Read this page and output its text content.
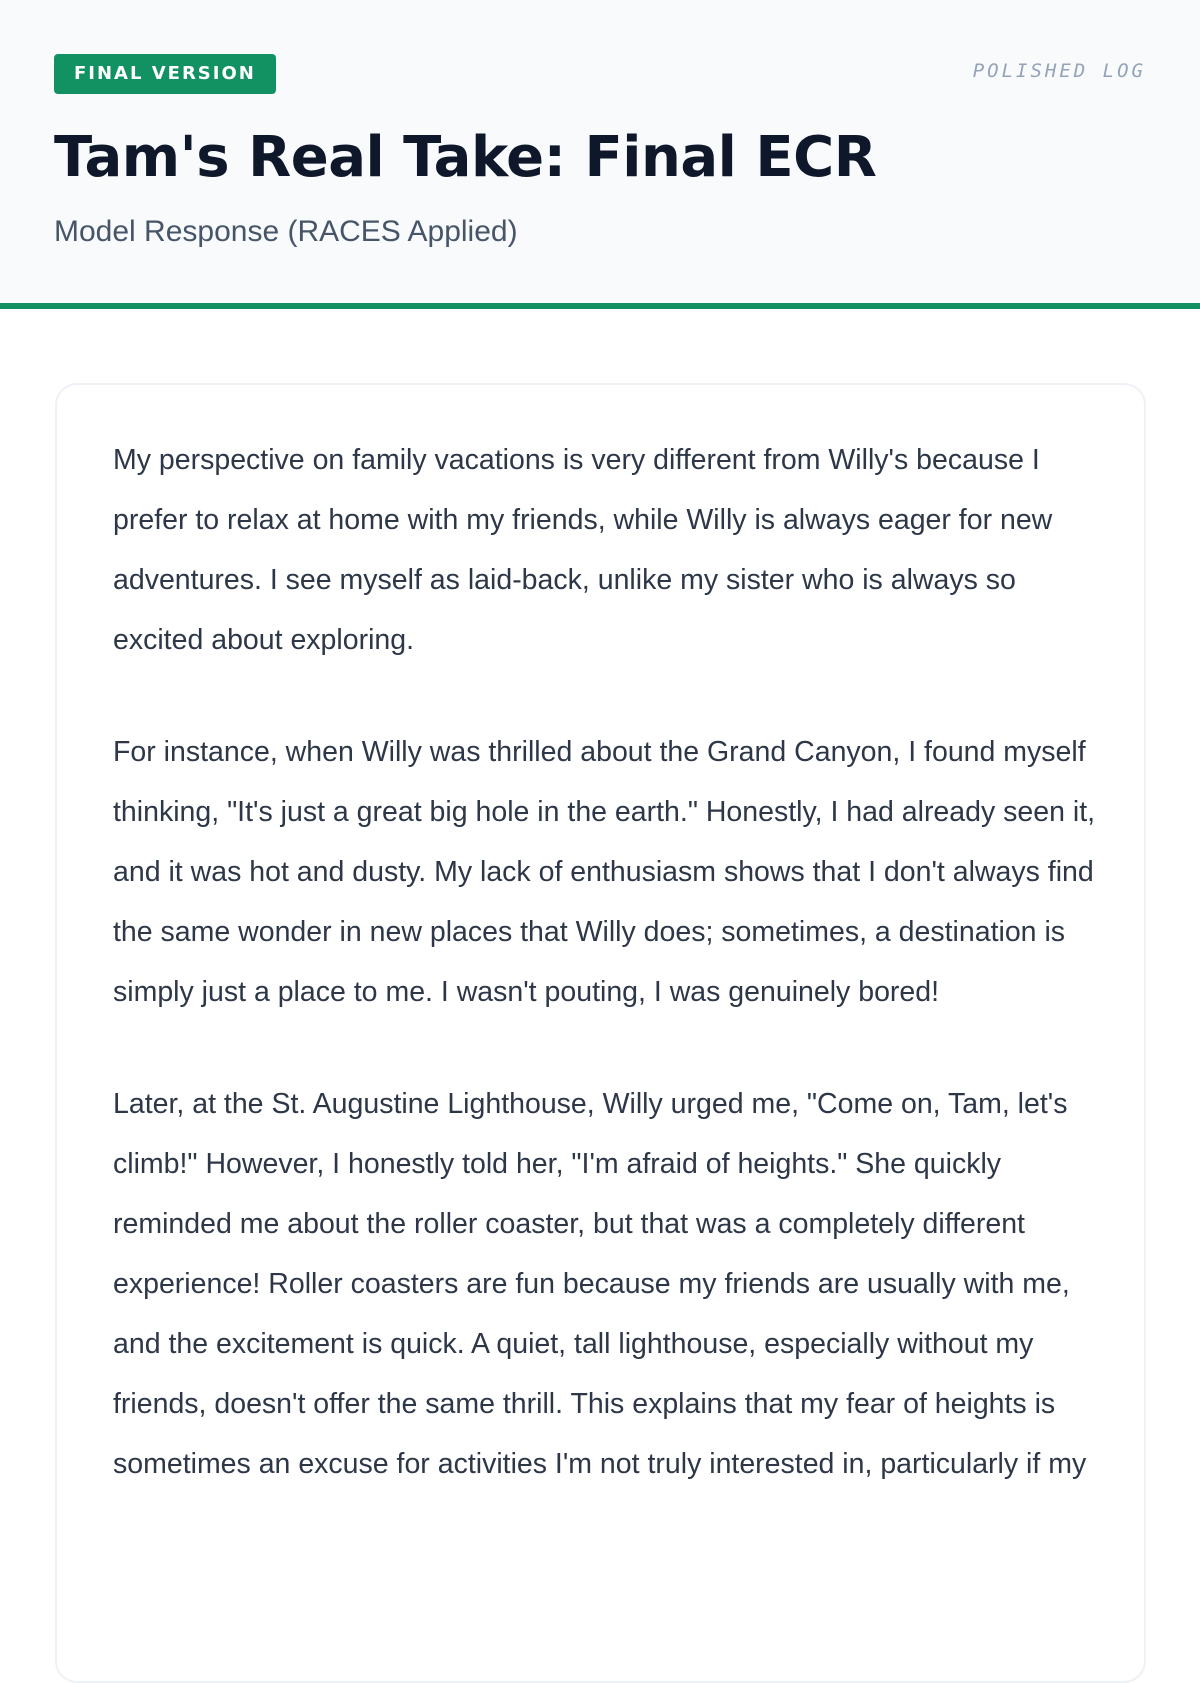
FINAL VERSION	POLISHED LOG
Tam's Real Take: Final ECR
Model Response (RACES Applied)

My perspective on family vacations is very different from Willy's because I prefer to relax at home with my friends, while Willy is always eager for new adventures. I see myself as laid-back, unlike my sister who is always so excited about exploring.

For instance, when Willy was thrilled about the Grand Canyon, I found myself thinking, "It's just a great big hole in the earth." Honestly, I had already seen it, and it was hot and dusty. My lack of enthusiasm shows that I don't always find the same wonder in new places that Willy does; sometimes, a destination is simply just a place to me. I wasn't pouting, I was genuinely bored!

Later, at the St. Augustine Lighthouse, Willy urged me, "Come on, Tam, let's climb!" However, I honestly told her, "I'm afraid of heights." She quickly reminded me about the roller coaster, but that was a completely different experience! Roller coasters are fun because my friends are usually with me, and the excitement is quick. A quiet, tall lighthouse, especially without my friends, doesn't offer the same thrill. This explains that my fear of heights is sometimes an excuse for activities I'm not truly interested in, particularly if my
